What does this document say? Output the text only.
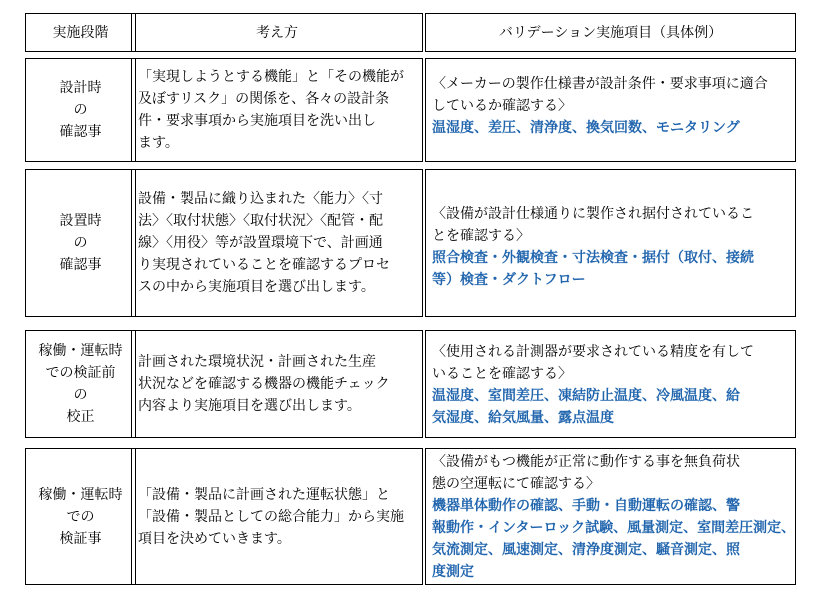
実施段階	考え方	バリデーション実施項目（具体例）
設計時
の
確認事
「実現しようとする機能」と「その機能が
及ぼすリスク」の関係を、各々の設計条
件・要求事項から実施項目を洗い出し
ます。
〈メーカーの製作仕様書が設計条件・要求事項に適合
しているか確認する〉
温湿度、差圧、清浄度、換気回数、モニタリング
設置時
の
確認事
設備・製品に織り込まれた〈能力〉〈寸
法〉〈取付状態〉〈取付状況〉〈配管・配
線〉〈用役〉等が設置環境下で、計画通
り実現されていることを確認するプロセ
スの中から実施項目を選び出します。
〈設備が設計仕様通りに製作され据付されているこ
とを確認する〉
照合検査・外観検査・寸法検査・据付（取付、接続
等）検査・ダクトフロー
稼働・運転時
での検証前
の
校正
計画された環境状況・計画された生産
状況などを確認する機器の機能チェック
内容より実施項目を選び出します。
〈使用される計測器が要求されている精度を有して
いることを確認する〉
温湿度、室間差圧、凍結防止温度、冷風温度、給
気湿度、給気風量、露点温度
稼働・運転時
での
検証事
「設備・製品に計画された運転状態」と
「設備・製品としての総合能力」から実施
項目を決めていきます。
〈設備がもつ機能が正常に動作する事を無負荷状
態の空運転にて確認する〉
機器単体動作の確認、手動・自動運転の確認、警
報動作・インターロック試験、風量測定、室間差圧測定、
気流測定、風速測定、清浄度測定、騒音測定、照
度測定
